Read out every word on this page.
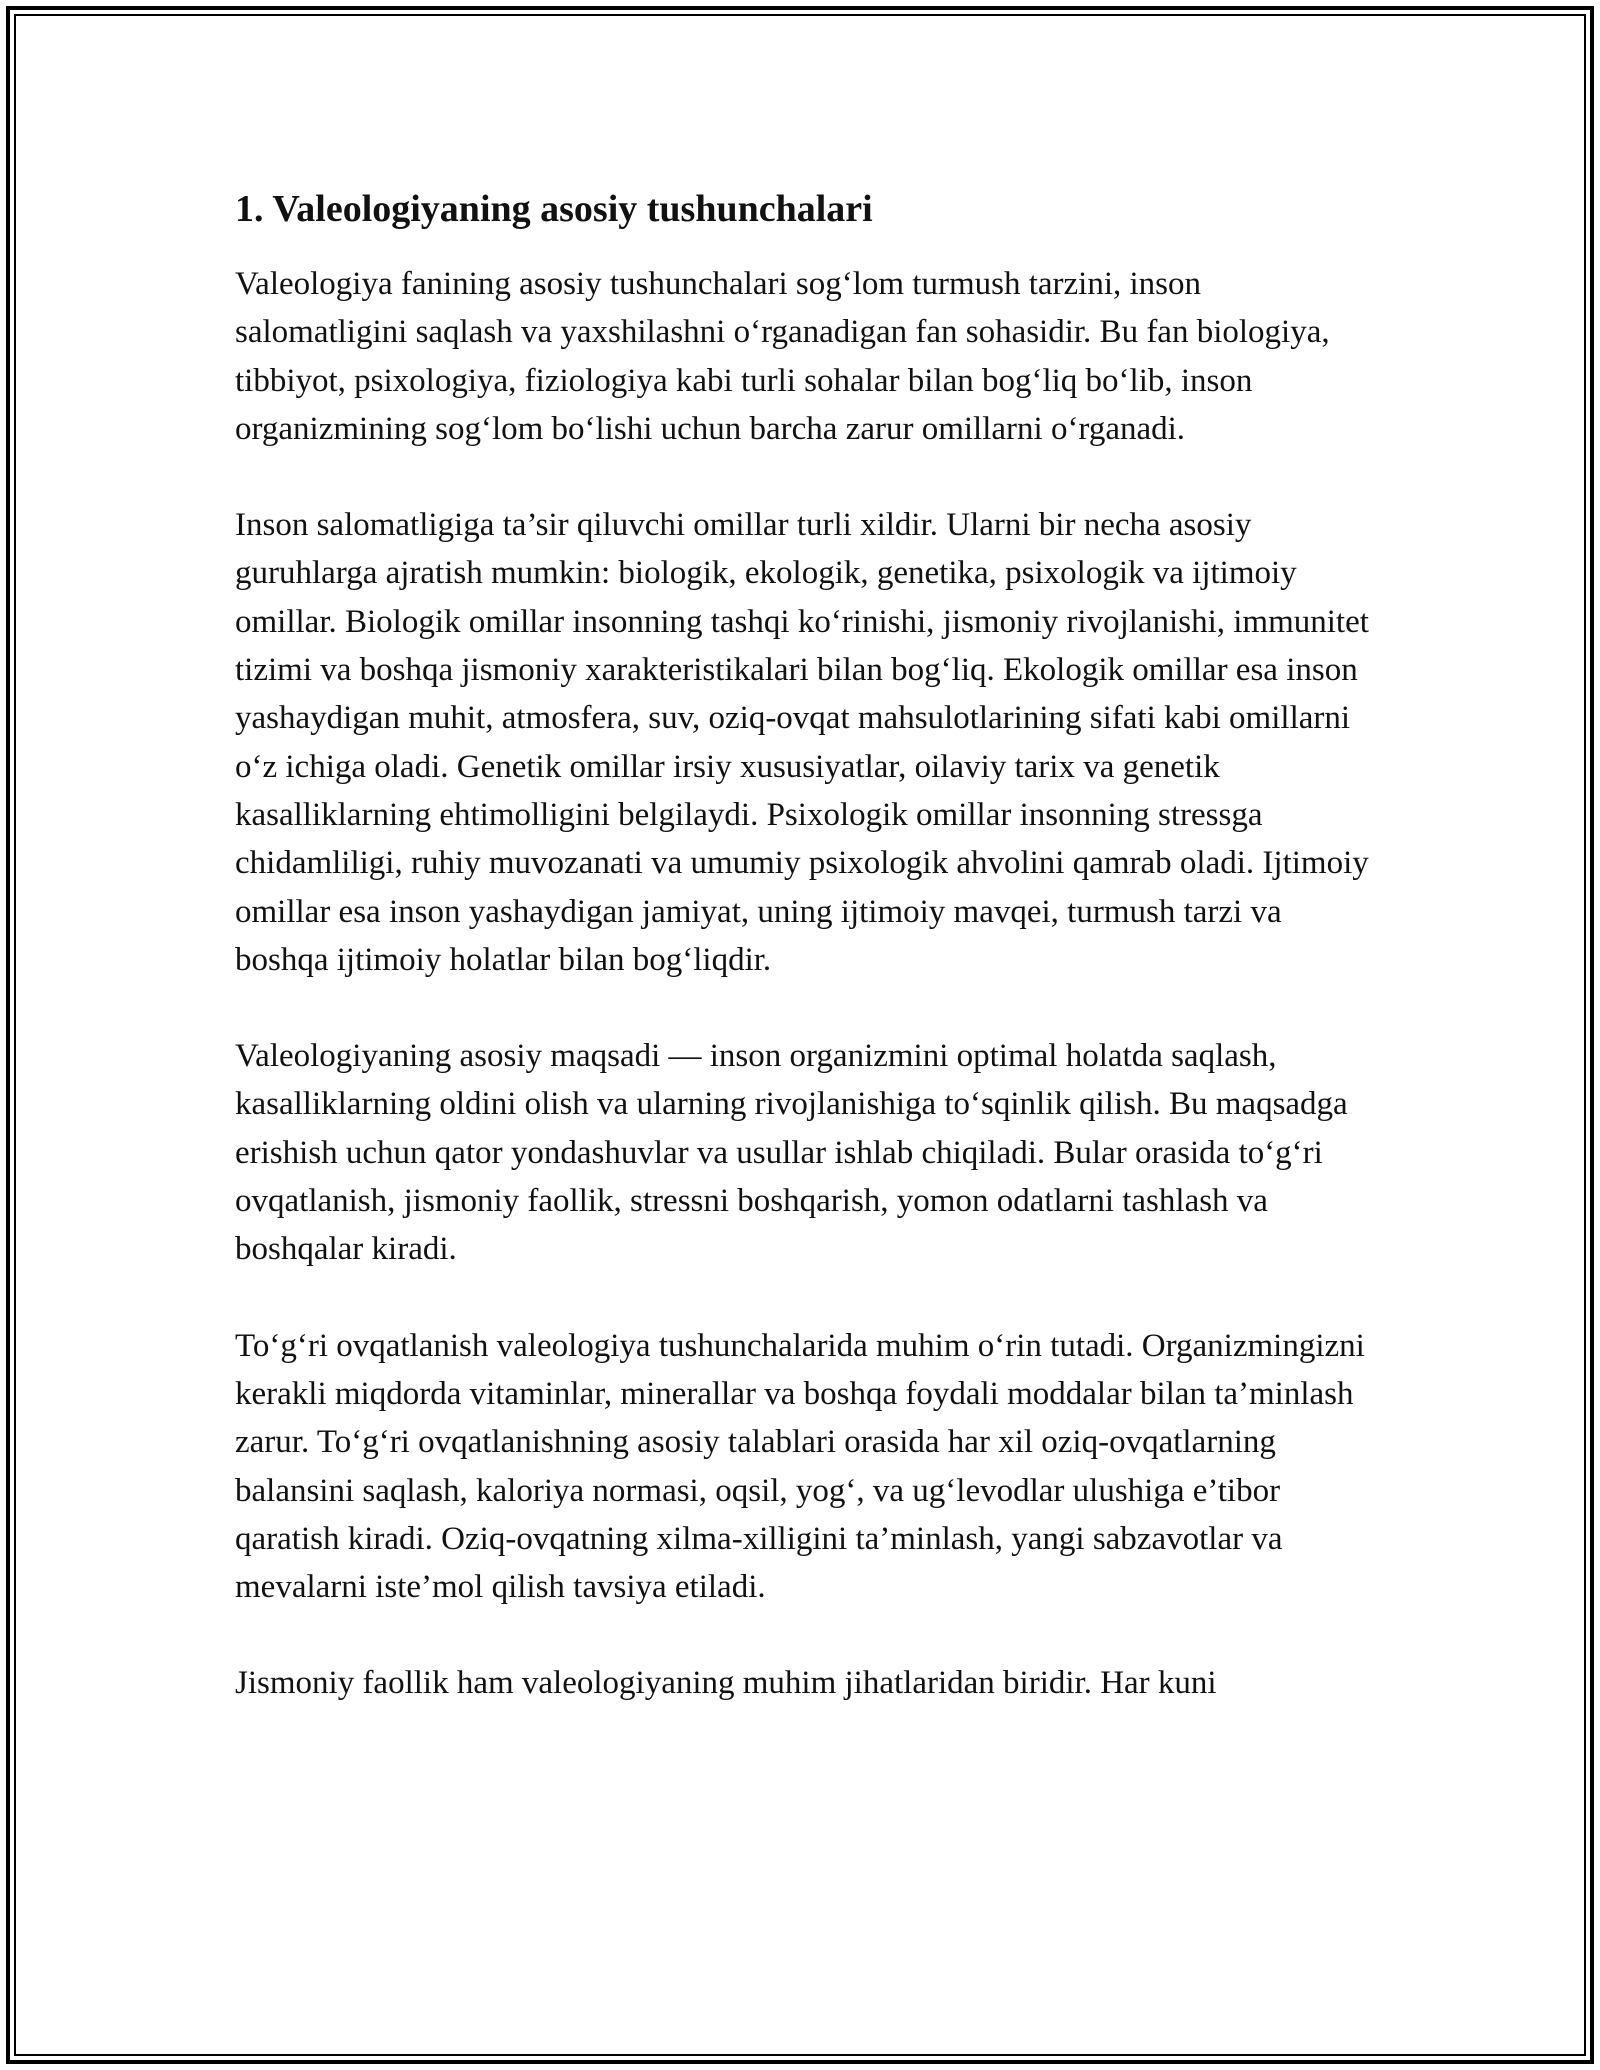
1. Valeologiyaning asosiy tushunchalari

Valeologiya fanining asosiy tushunchalari sog‘lom turmush tarzini, inson salomatligini saqlash va yaxshilashni o‘rganadigan fan sohasidir. Bu fan biologiya, tibbiyot, psixologiya, fiziologiya kabi turli sohalar bilan bog‘liq bo‘lib, inson organizmining sog‘lom bo‘lishi uchun barcha zarur omillarni o‘rganadi.

Inson salomatligiga ta’sir qiluvchi omillar turli xildir. Ularni bir necha asosiy guruhlarga ajratish mumkin: biologik, ekologik, genetika, psixologik va ijtimoiy omillar. Biologik omillar insonning tashqi ko‘rinishi, jismoniy rivojlanishi, immunitet tizimi va boshqa jismoniy xarakteristikalari bilan bog‘liq. Ekologik omillar esa inson yashaydigan muhit, atmosfera, suv, oziq-ovqat mahsulotlarining sifati kabi omillarni o‘z ichiga oladi. Genetik omillar irsiy xususiyatlar, oilaviy tarix va genetik kasalliklarning ehtimolligini belgilaydi. Psixologik omillar insonning stressga chidamliligi, ruhiy muvozanati va umumiy psixologik ahvolini qamrab oladi. Ijtimoiy omillar esa inson yashaydigan jamiyat, uning ijtimoiy mavqei, turmush tarzi va boshqa ijtimoiy holatlar bilan bog‘liqdir.

Valeologiyaning asosiy maqsadi — inson organizmini optimal holatda saqlash, kasalliklarning oldini olish va ularning rivojlanishiga to‘sqinlik qilish. Bu maqsadga erishish uchun qator yondashuvlar va usullar ishlab chiqiladi. Bular orasida to‘g‘ri ovqatlanish, jismoniy faollik, stressni boshqarish, yomon odatlarni tashlash va boshqalar kiradi.

To‘g‘ri ovqatlanish valeologiya tushunchalarida muhim o‘rin tutadi. Organizmingizni kerakli miqdorda vitaminlar, minerallar va boshqa foydali moddalar bilan ta’minlash zarur. To‘g‘ri ovqatlanishning asosiy talablari orasida har xil oziq-ovqatlarning balansini saqlash, kaloriya normasi, oqsil, yog‘, va ug‘levodlar ulushiga e’tibor qaratish kiradi. Oziq-ovqatning xilma-xilligini ta’minlash, yangi sabzavotlar va mevalarni iste’mol qilish tavsiya etiladi.

Jismoniy faollik ham valeologiyaning muhim jihatlaridan biridir. Har kuni
